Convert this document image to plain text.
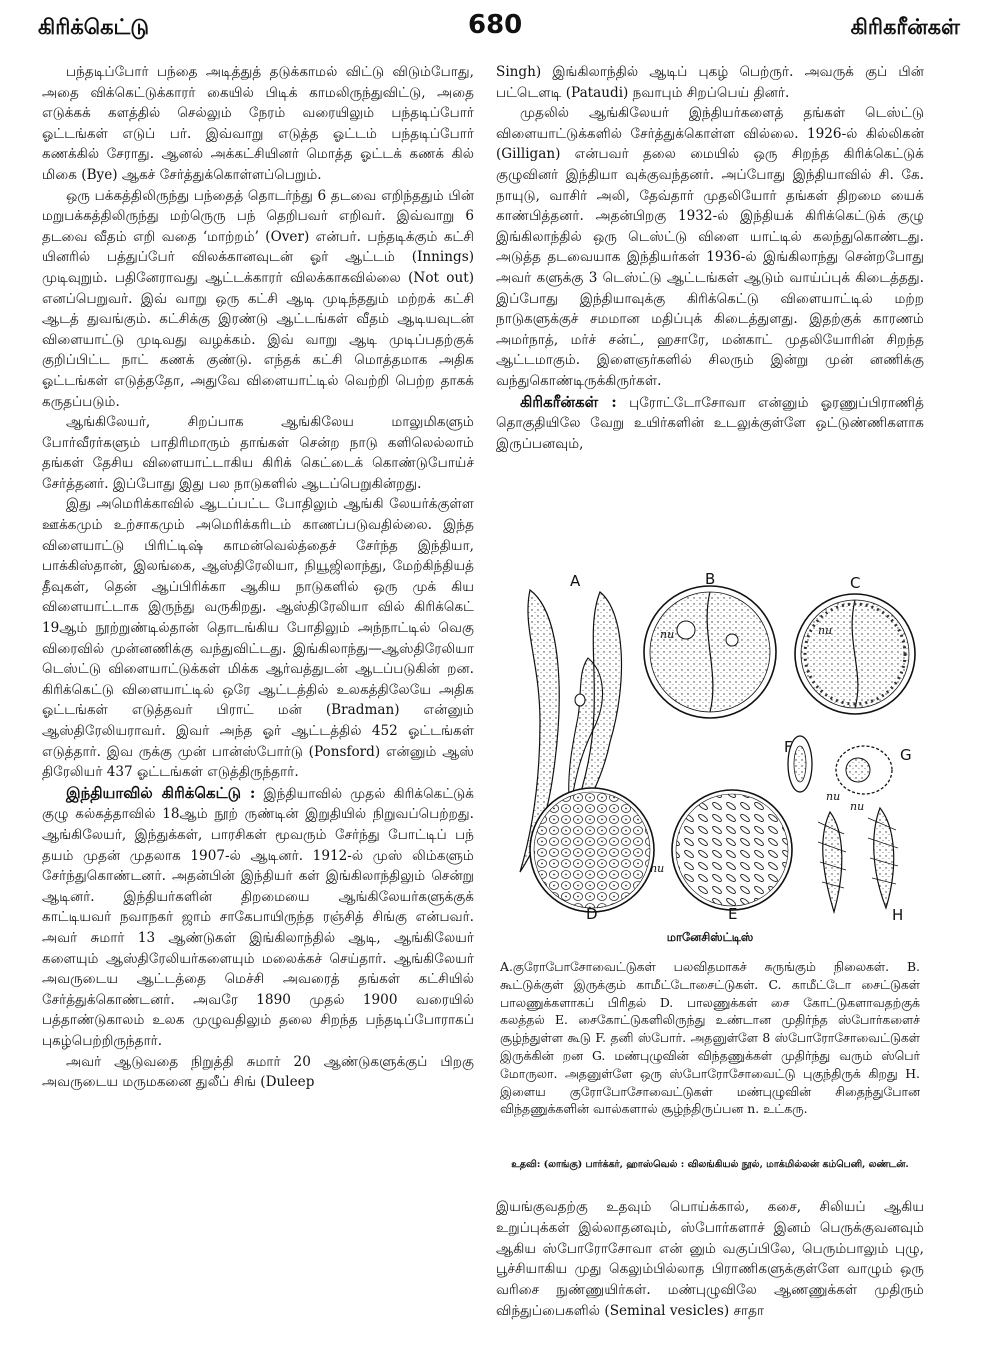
கிரிக்கெட்டு	680	கிரிகரீன்கள்

பந்தடிப்போர் பந்தை அடித்துத் தடுக்காமல் விட்டு விடும்போது, அதை விக்கெட்டுக்காரர் கையில் பிடிக் காமலிருந்துவிட்டு, அதை எடுக்கக் களத்தில் செல்லும் நேரம் வரையிலும் பந்தடிப்போர் ஓட்டங்கள் எடுப் பர். இவ்வாறு எடுத்த ஓட்டம் பந்தடிப்போர் கணக்கில் சேராது. ஆனல் அக்கட்சியினர் மொத்த ஓட்டக் கணக் கில் மிகை (Bye) ஆகச் சேர்த்துக்கொள்ளப்பெறும்.

ஒரு பக்கத்திலிருந்து பந்தைத் தொடர்ந்து 6 தடவை எறிந்ததும் பின் மறுபக்கத்திலிருந்து மற்ருெரு பந் தெறிபவர் எறிவர். இவ்வாறு 6 தடவை வீதம் எறி வதை ‘மாற்றம்’ (Over) என்பர். பந்தடிக்கும் கட்சி யினரில் பத்துப்பேர் விலக்கானவுடன் ஓர் ஆட்டம் (Innings) முடிவுறும். பதினேராவது ஆட்டக்காரர் விலக்காகவில்லை (Not out) எனப்பெறுவர். இவ் வாறு ஒரு கட்சி ஆடி முடிந்ததும் மற்றக் கட்சி ஆடத் துவங்கும். கட்சிக்கு இரண்டு ஆட்டங்கள் வீதம் ஆடியவுடன் விளையாட்டு முடிவது வழக்கம். இவ் வாறு ஆடி முடிப்பதற்குக் குறிப்பிட்ட நாட் கணக் குண்டு. எந்தக் கட்சி மொத்தமாக அதிக ஓட்டங்கள் எடுத்ததோ, அதுவே விளையாட்டில் வெற்றி பெற்ற தாகக் கருதப்படும்.

ஆங்கிலேயர், சிறப்பாக ஆங்கிலேய மாலுமிகளும் போர்வீரர்களும் பாதிரிமாரும் தாங்கள் சென்ற நாடு களிலெல்லாம் தங்கள் தேசிய விளையாட்டாகிய கிரிக் கெட்டைக் கொண்டுபோய்ச் சேர்த்தனர். இப்போது இது பல நாடுகளில் ஆடப்பெறுகின்றது.

இது அமெரிக்காவில் ஆடப்பட்ட போதிலும் ஆங்கி லேயர்க்குள்ள ஊக்கமும் உற்சாகமும் அமெரிக்கரிடம் காணப்படுவதில்லை. இந்த விளையாட்டு பிரிட்டிஷ் காமன்வெல்த்தைச் சேர்ந்த இந்தியா, பாக்கிஸ்தான், இலங்கை, ஆஸ்திரேலியா, நியூஜிலாந்து, மேற்கிந்தியத் தீவுகள், தென் ஆப்பிரிக்கா ஆகிய நாடுகளில் ஒரு முக் கிய விளையாட்டாக இருந்து வருகிறது. ஆஸ்திரேலியா வில் கிரிக்கெட் 19ஆம் நூற்றுண்டில்தான் தொடங்கிய போதிலும் அந்நாட்டில் வெகு விரைவில் முன்னணிக்கு வந்துவிட்டது. இங்கிலாந்து—ஆஸ்திரேலியா டெஸ்ட்டு விளையாட்டுக்கள் மிக்க ஆர்வத்துடன் ஆடப்படுகின் றன. கிரிக்கெட்டு விளையாட்டில் ஒரே ஆட்டத்தில் உலகத்திலேயே அதிக ஓட்டங்கள் எடுத்தவர் பிராட் மன் (Bradman) என்னும் ஆஸ்திரேலியராவர். இவர் அந்த ஓர் ஆட்டத்தில் 452 ஓட்டங்கள் எடுத்தார். இவ ருக்கு முன் பான்ஸ்போர்டு (Ponsford) என்னும் ஆஸ் திரேலியர் 437 ஓட்டங்கள் எடுத்திருந்தார்.

இந்தியாவில் கிரிக்கெட்டு : இந்தியாவில் முதல் கிரிக்கெட்டுக் குழு கல்கத்தாவில் 18ஆம் நூற் ருண்டின் இறுதியில் நிறுவப்பெற்றது. ஆங்கிலேயர், இந்துக்கள், பாரசிகள் மூவரும் சேர்ந்து போட்டிப் பந் தயம் முதன் முதலாக 1907-ல் ஆடினர். 1912-ல் முஸ் லிம்களும் சேர்ந்துகொண்டனர். அதன்பின் இந்தியர் கள் இங்கிலாந்திலும் சென்று ஆடினர். இந்தியர்களின் திறமையை ஆங்கிலேயர்களுக்குக் காட்டியவர் நவாநகர் ஜாம் சாகேபாயிருந்த ரஞ்சித் சிங்கு என்பவர். அவர் சுமார் 13 ஆண்டுகள் இங்கிலாந்தில் ஆடி, ஆங்கிலேயர் களையும் ஆஸ்திரேலியர்களையும் மலைக்கச் செய்தார். ஆங்கிலேயர் அவருடைய ஆட்டத்தை மெச்சி அவரைத் தங்கள் கட்சியில் சேர்த்துக்கொண்டனர். அவரே 1890 முதல் 1900 வரையில் பத்தாண்டுகாலம் உலக முழுவதிலும் தலை சிறந்த பந்தடிப்போராகப் புகழ்பெற்றிருந்தார்.

அவர் ஆடுவதை நிறுத்தி சுமார் 20 ஆண்டுகளுக்குப் பிறகு அவருடைய மருமகனை துலீப் சிங் (Duleep

Singh) இங்கிலாந்தில் ஆடிப் புகழ் பெற்ருர். அவருக் குப் பின் பட்டௌடி (Pataudi) நவாபும் சிறப்பெய் தினர்.

முதலில் ஆங்கிலேயர் இந்தியர்களைத் தங்கள் டெஸ்ட்டு விளையாட்டுக்களில் சேர்த்துக்கொள்ள வில்லை. 1926-ல் கில்லிகன் (Gilligan) என்பவர் தலை மையில் ஒரு சிறந்த கிரிக்கெட்டுக் குழுவினர் இந்தியா வுக்குவந்தனர். அப்போது இந்தியாவில் சி. கே. நாயுடு, வாசிர் அலி, தேவ்தார் முதலியோர் தங்கள் திறமை யைக் காண்பித்தனர். அதன்பிறகு 1932-ல் இந்தியக் கிரிக்கெட்டுக் குழு இங்கிலாந்தில் ஒரு டெஸ்ட்டு விளை யாட்டில் கலந்துகொண்டது. அடுத்த தடவையாக இந்தியர்கள் 1936-ல் இங்கிலாந்து சென்றபோது அவர் களுக்கு 3 டெஸ்ட்டு ஆட்டங்கள் ஆடும் வாய்ப்புக் கிடைத்தது. இப்போது இந்தியாவுக்கு கிரிக்கெட்டு விளையாட்டில் மற்ற நாடுகளுக்குச் சமமான மதிப்புக் கிடைத்துளது. இதற்குக் காரணம் அமர்நாத், மர்ச் சன்ட், ஹசாரே, மன்காட் முதலியோரின் சிறந்த ஆட்டமாகும். இளைஞர்களில் சிலரும் இன்று முன் னணிக்கு வந்துகொண்டிருக்கிருர்கள்.

கிரிகரீன்கள் : புரோட்டோசோவா என்னும் ஓரணுப்பிராணித் தொகுதியிலே வேறு உயிர்களின் உடலுக்குள்ளே ஒட்டுண்ணிகளாக இருப்பனவும்,

A	B	C
D	E
F	G
H
nu	nu
nu
nu
nu
மானேசிஸ்ட்டிஸ்
A.குரோபோசோவைட்டுகள் பலவிதமாகச் சுருங்கும் நிலைகள். B. கூட்டுக்குள் இருக்கும் காமீட்டோசைட்டுகள். C. காமீட்டோ சைட்டுகள் பாலணுக்களாகப் பிரிதல் D. பாலணுக்கள் சை கோட்டுகளாவதற்குக் கலத்தல் E. சைகோட்டுகளிலிருந்து உண்டான முதிர்ந்த ஸ்போர்களைச் சூழ்ந்துள்ள கூடு F. தனி ஸ்போர். அதனுள்ளே 8 ஸ்போரோசோவைட்டுகள் இருக்கின் றன G. மண்புழுவின் விந்தணுக்கள் முதிர்ந்து வரும் ஸ்பெர் மோருலா. அதனுள்ளே ஒரு ஸ்போரோசோவைட்டு புகுந்திருக் கிறது H. இளைய குரோபோசோவைட்டுகள் மண்புழுவின் சிதைந்துபோன விந்தணுக்களின் வால்களால் சூழ்ந்திருப்பன n. உட்கரு.
உதவி: (லாங்கு) பார்க்கர், ஹாஸ்வெல் : விலங்கியல் நூல், மாக்மில்லன் கம்பெனி, லண்டன்.

இயங்குவதற்கு உதவும் பொய்க்கால், கசை, சிலியப் ஆகிய உறுப்புக்கள் இல்லாதனவும், ஸ்போர்களாச் இனம் பெருக்குவனவும் ஆகிய ஸ்போரோசோவா என் னும் வகுப்பிலே, பெரும்பாலும் புழு, பூச்சியாகிய முது கெலும்பில்லாத பிராணிகளுக்குள்ளே வாழும் ஒரு வரிசை நுண்ணுயிர்கள். மண்புழுவிலே ஆணணுக்கள் முதிரும் விந்துப்பைகளில் (Seminal vesicles) சாதா
